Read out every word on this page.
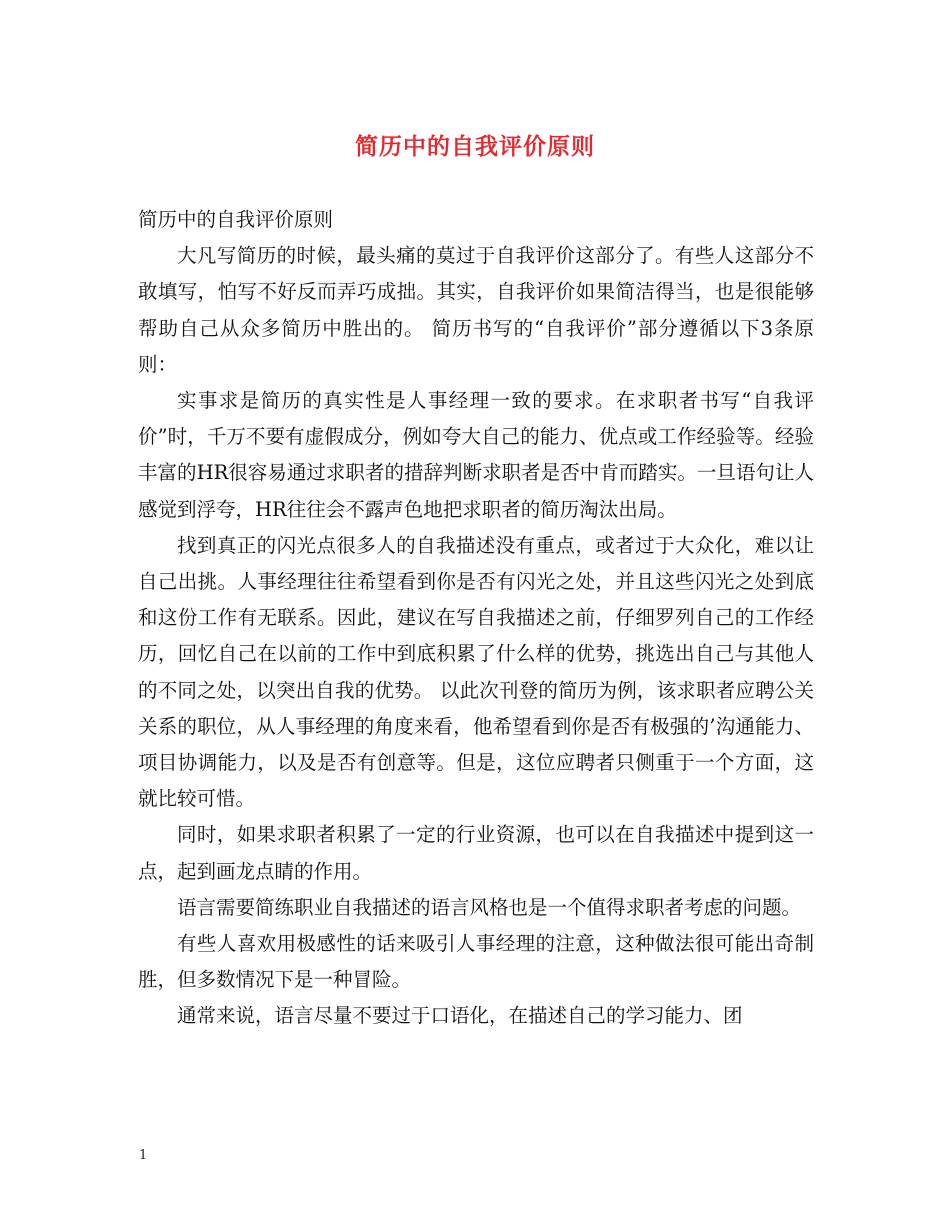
简历中的自我评价原则

简历中的自我评价原则

大凡写简历的时候，最头痛的莫过于自我评价这部分了。有些人这部分不敢填写，怕写不好反而弄巧成拙。其实，自我评价如果简洁得当，也是很能够帮助自己从众多简历中胜出的。 简历书写的“自我评价”部分遵循以下3条原则：

实事求是简历的真实性是人事经理一致的要求。在求职者书写“自我评价”时，千万不要有虚假成分，例如夸大自己的能力、优点或工作经验等。经验丰富的HR很容易通过求职者的措辞判断求职者是否中肯而踏实。一旦语句让人感觉到浮夸，HR往往会不露声色地把求职者的简历淘汰出局。

找到真正的闪光点很多人的自我描述没有重点，或者过于大众化，难以让自己出挑。人事经理往往希望看到你是否有闪光之处，并且这些闪光之处到底和这份工作有无联系。因此，建议在写自我描述之前，仔细罗列自己的工作经历，回忆自己在以前的工作中到底积累了什么样的优势，挑选出自己与其他人的不同之处，以突出自我的优势。 以此次刊登的简历为例，该求职者应聘公关关系的职位，从人事经理的角度来看，他希望看到你是否有极强的’沟通能力、项目协调能力，以及是否有创意等。但是，这位应聘者只侧重于一个方面，这就比较可惜。

同时，如果求职者积累了一定的行业资源，也可以在自我描述中提到这一点，起到画龙点睛的作用。

语言需要简练职业自我描述的语言风格也是一个值得求职者考虑的问题。

有些人喜欢用极感性的话来吸引人事经理的注意，这种做法很可能出奇制胜，但多数情况下是一种冒险。

通常来说，语言尽量不要过于口语化，在描述自己的学习能力、团

1
